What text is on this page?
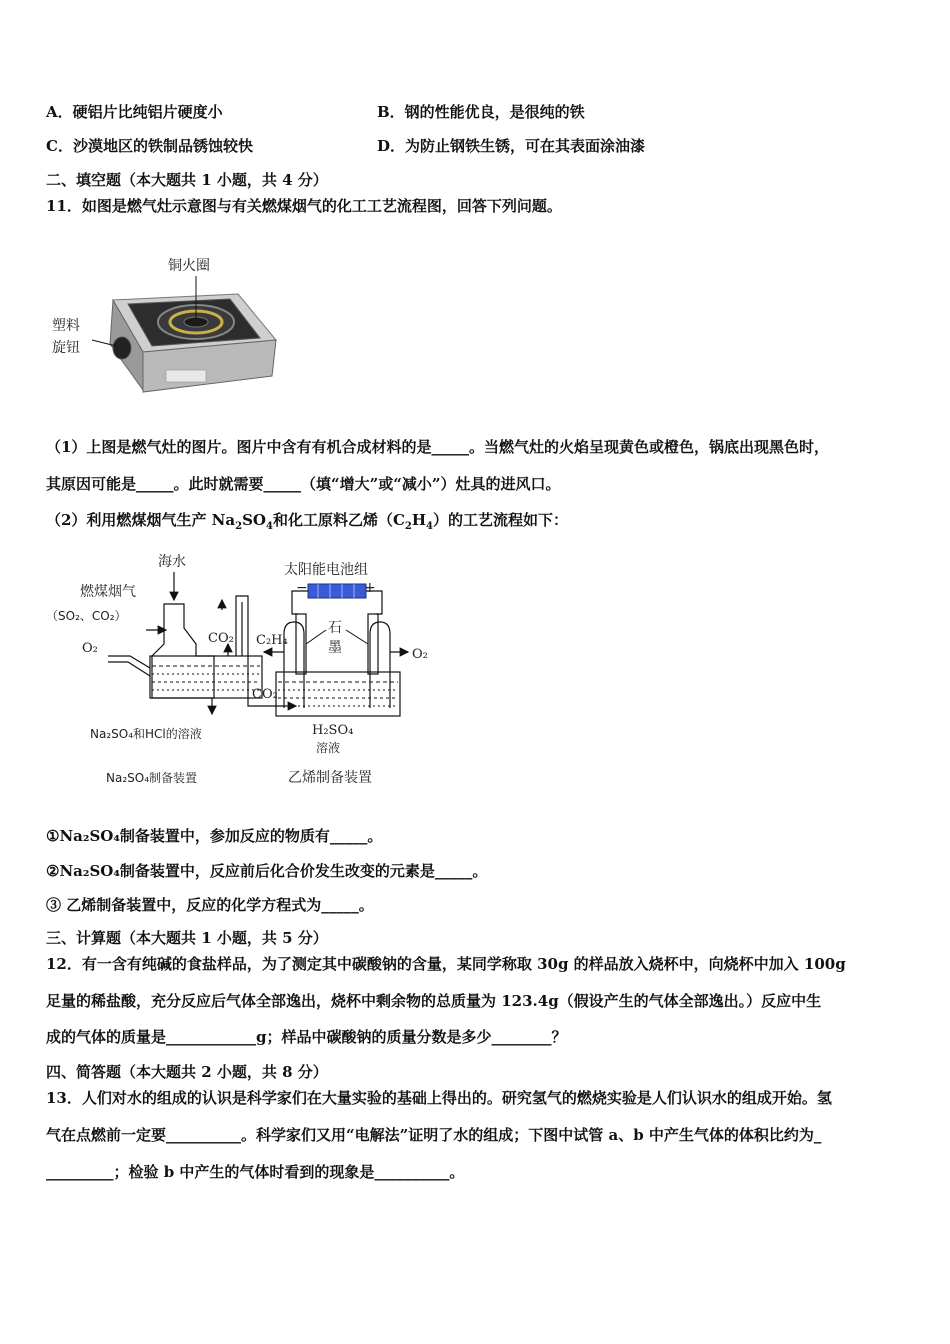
A．硬铝片比纯铝片硬度小	B．钢的性能优良，是很纯的铁
C．沙漠地区的铁制品锈蚀较快	D．为防止钢铁生锈，可在其表面涂油漆
二、填空题（本大题共 1 小题，共 4 分）
11．如图是燃气灶示意图与有关燃煤烟气的化工工艺流程图，回答下列问题。
铜火圈
塑料
旋钮
（1）上图是燃气灶的图片。图片中含有有机合成材料的是_____。当燃气灶的火焰呈现黄色或橙色，锅底出现黑色时，
其原因可能是_____。此时就需要_____（填“增大”或“减小”）灶具的进风口。
（2）利用燃煤烟气生产 $Na_2SO_4$和化工原料乙烯$(C_2H_4)$的工艺流程如下：
海水
燃煤烟气
（SO₂、CO₂）
O₂
CO₂
Na₂SO₄和HCl的溶液
Na₂SO₄制备装置
太阳能电池组
−	+
石
墨
C₂H₄
O₂
CO₂
H₂SO₄
溶液
乙烯制备装置
①Na₂SO₄制备装置中，参加反应的物质有_____。
②Na₂SO₄制备装置中，反应前后化合价发生改变的元素是_____。
③ 乙烯制备装置中，反应的化学方程式为_____。
三、计算题（本大题共 1 小题，共 5 分）
12．有一含有纯碱的食盐样品，为了测定其中碳酸钠的含量，某同学称取 30g 的样品放入烧杯中，向烧杯中加入 100g
足量的稀盐酸，充分反应后气体全部逸出，烧杯中剩余物的总质量为 123.4g（假设产生的气体全部逸出。）反应中生
成的气体的质量是____________g；样品中碳酸钠的质量分数是多少________？
四、简答题（本大题共 2 小题，共 8 分）
13．人们对水的组成的认识是科学家们在大量实验的基础上得出的。研究氢气的燃烧实验是人们认识水的组成开始。氢
气在点燃前一定要__________。科学家们又用“电解法”证明了水的组成；下图中试管 a、b 中产生气体的体积比约为_
_________；检验 b 中产生的气体时看到的现象是__________。
